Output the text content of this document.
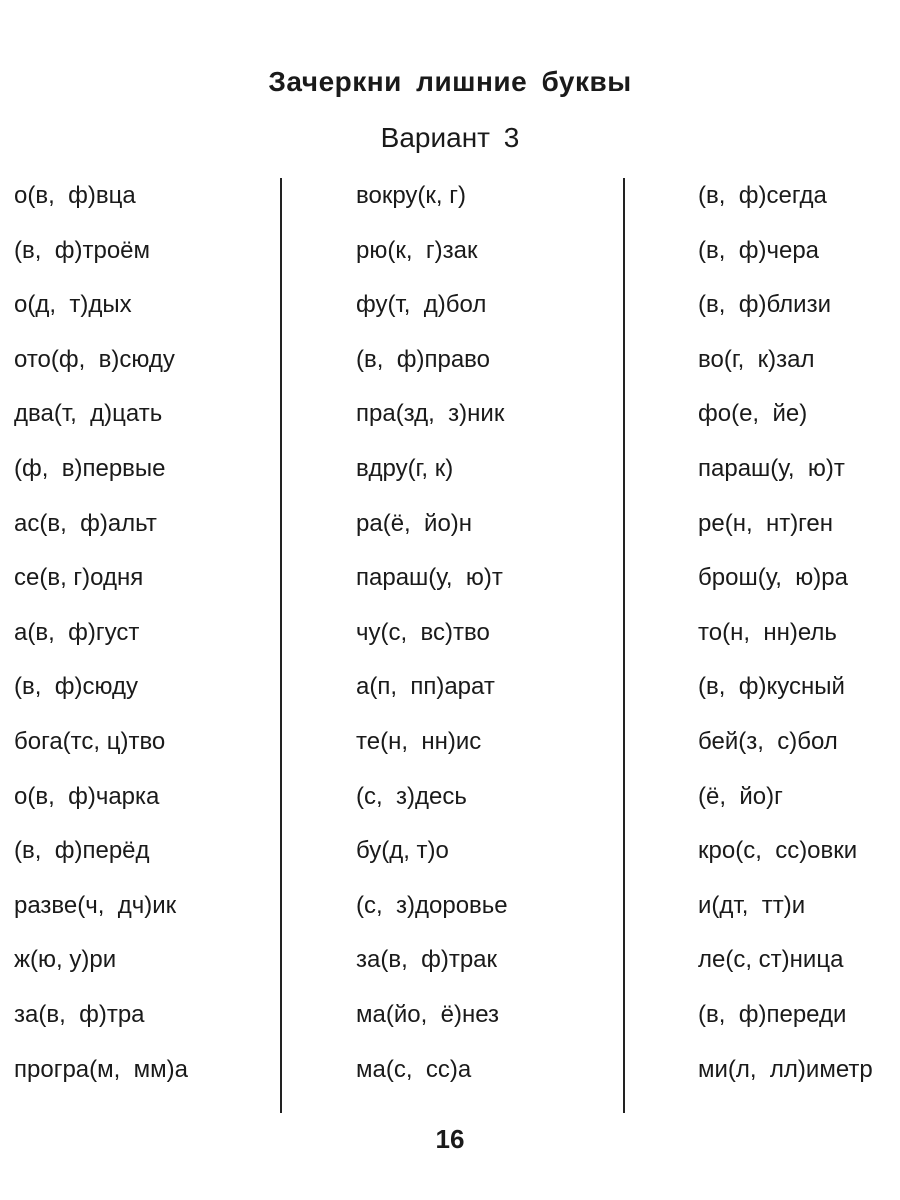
Зачеркни лишние буквы
Вариант 3
о(в,  ф)вца
(в,  ф)троём
о(д,  т)дых
ото(ф,  в)сюду
два(т,  д)цать
(ф,  в)первые
ас(в,  ф)альт
се(в, г)одня
а(в,  ф)густ
(в,  ф)сюду
бога(тс, ц)тво
о(в,  ф)чарка
(в,  ф)перёд
разве(ч,  дч)ик
ж(ю, у)ри
за(в,  ф)тра
програ(м,  мм)а
вокру(к, г)
рю(к,  г)зак
фу(т,  д)бол
(в,  ф)право
пра(зд,  з)ник
вдру(г, к)
ра(ё,  йо)н
параш(у,  ю)т
чу(с,  вс)тво
а(п,  пп)арат
те(н,  нн)ис
(с,  з)десь
бу(д, т)о
(с,  з)доровье
за(в,  ф)трак
ма(йо,  ё)нез
ма(с,  сс)а
(в,  ф)сегда
(в,  ф)чера
(в,  ф)близи
во(г,  к)зал
фо(е,  йе)
параш(у,  ю)т
ре(н,  нт)ген
брош(у,  ю)ра
то(н,  нн)ель
(в,  ф)кусный
бей(з,  с)бол
(ё,  йо)г
кро(с,  сс)овки
и(дт,  тт)и
ле(с, ст)ница
(в,  ф)переди
ми(л,  лл)иметр
16
